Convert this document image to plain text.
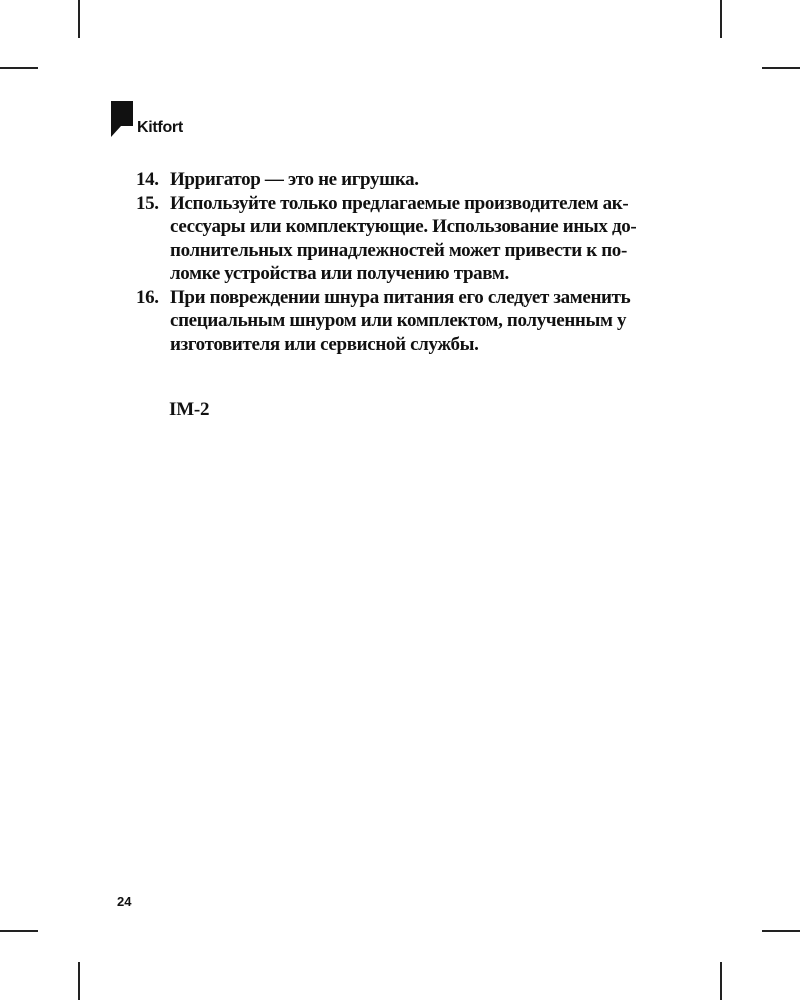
Kitfort
14. Ирригатор — это не игрушка.
15. Используйте только предлагаемые производителем ак-
сессуары или комплектующие. Использование иных до-
полнительных принадлежностей может привести к по-
ломке устройства или получению травм.
16. При повреждении шнура питания его следует заменить
специальным шнуром или комплектом, полученным у
изготовителя или сервисной службы.
IM-2
24
